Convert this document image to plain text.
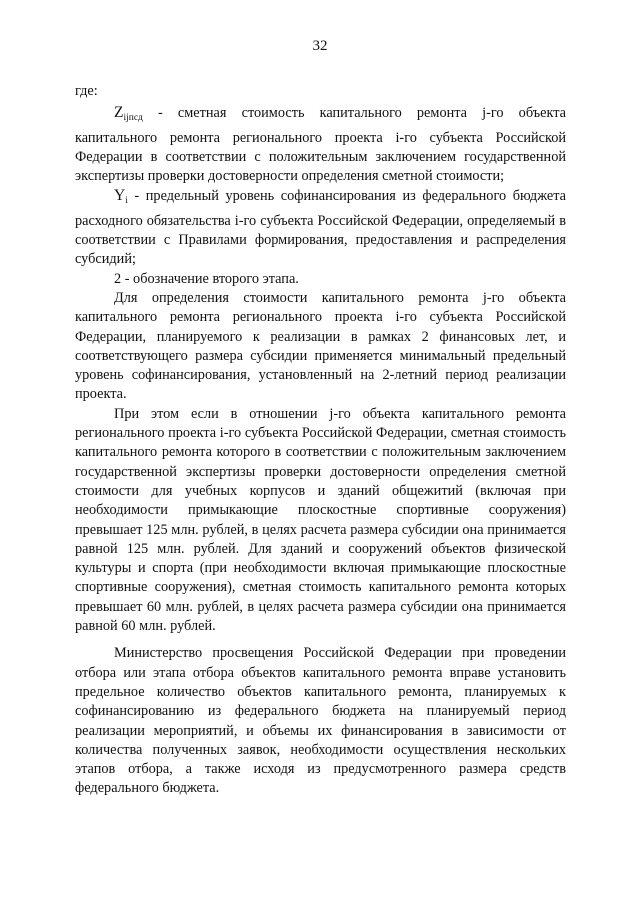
32

где:

$Z_{ijпсд}$ - сметная стоимость капитального ремонта j-го объекта капитального ремонта регионального проекта i-го субъекта Российской Федерации в соответствии с положительным заключением государственной экспертизы проверки достоверности определения сметной стоимости;

$Y_i$ - предельный уровень софинансирования из федерального бюджета расходного обязательства i-го субъекта Российской Федерации, определяемый в соответствии с Правилами формирования, предоставления и распределения субсидий;

2 - обозначение второго этапа.

Для определения стоимости капитального ремонта j-го объекта капитального ремонта регионального проекта i-го субъекта Российской Федерации, планируемого к реализации в рамках 2 финансовых лет, и соответствующего размера субсидии применяется минимальный предельный уровень софинансирования, установленный на 2-летний период реализации проекта.

При этом если в отношении j-го объекта капитального ремонта регионального проекта i-го субъекта Российской Федерации, сметная стоимость капитального ремонта которого в соответствии с положительным заключением государственной экспертизы проверки достоверности определения сметной стоимости для учебных корпусов и зданий общежитий (включая при необходимости примыкающие плоскостные спортивные сооружения) превышает 125 млн. рублей, в целях расчета размера субсидии она принимается равной 125 млн. рублей. Для зданий и сооружений объектов физической культуры и спорта (при необходимости включая примыкающие плоскостные спортивные сооружения), сметная стоимость капитального ремонта которых превышает 60 млн. рублей, в целях расчета размера субсидии она принимается равной 60 млн. рублей.

Министерство просвещения Российской Федерации при проведении отбора или этапа отбора объектов капитального ремонта вправе установить предельное количество объектов капитального ремонта, планируемых к софинансированию из федерального бюджета на планируемый период реализации мероприятий, и объемы их финансирования в зависимости от количества полученных заявок, необходимости осуществления нескольких этапов отбора, а также исходя из предусмотренного размера средств федерального бюджета.
